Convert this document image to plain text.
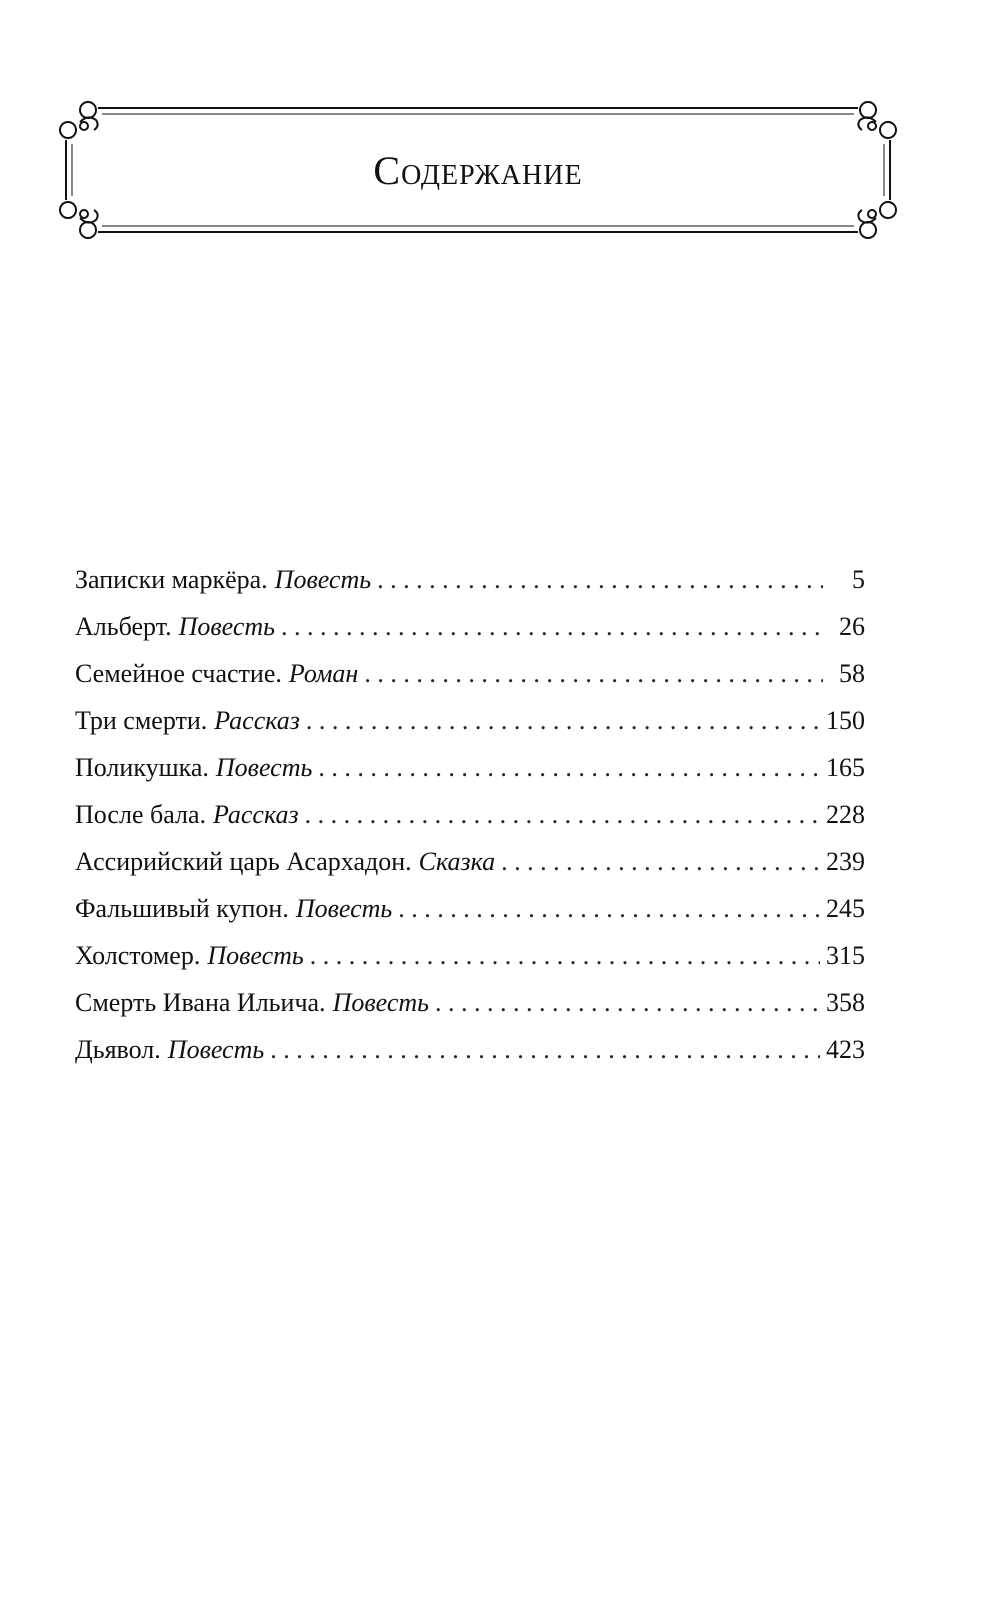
Содержание
Записки маркёра. Повесть . . .	5
Альберт. Повесть . . .	26
Семейное счастие. Роман . . .	58
Три смерти. Рассказ . . .	150
Поликушка. Повесть . . .	165
После бала. Рассказ . . .	228
Ассирийский царь Асархадон. Сказка . . .	239
Фальшивый купон. Повесть . . .	245
Холстомер. Повесть . . .	315
Смерть Ивана Ильича. Повесть . . .	358
Дьявол. Повесть . . .	423
